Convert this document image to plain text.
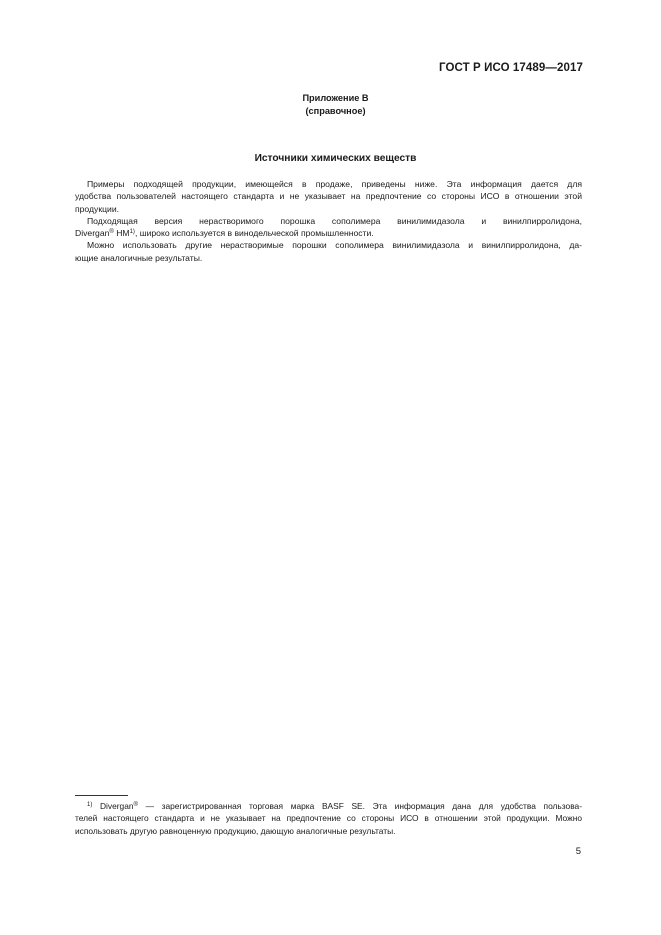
ГОСТ Р ИСО 17489—2017
Приложение В
(справочное)
Источники химических веществ
Примеры подходящей продукции, имеющейся в продаже, приведены ниже. Эта информация дается для
удобства пользователей настоящего стандарта и не указывает на предпочтение со стороны ИСО в отношении этой
продукции.
Подходящая версия нерастворимого порошка сополимера винилимидазола и винилпирролидона,
Divergan® HM$^{1)}$, широко используется в винодельческой промышленности.
Можно использовать другие нерастворимые порошки сополимера винилимидазола и винилпирролидона, да-
ющие аналогичные результаты.
$^{1)}$ Divergan® — зарегистрированная торговая марка BASF SE. Эта информация дана для удобства пользова-
телей настоящего стандарта и не указывает на предпочтение со стороны ИСО в отношении этой продукции. Можно
использовать другую равноценную продукцию, дающую аналогичные результаты.
5
